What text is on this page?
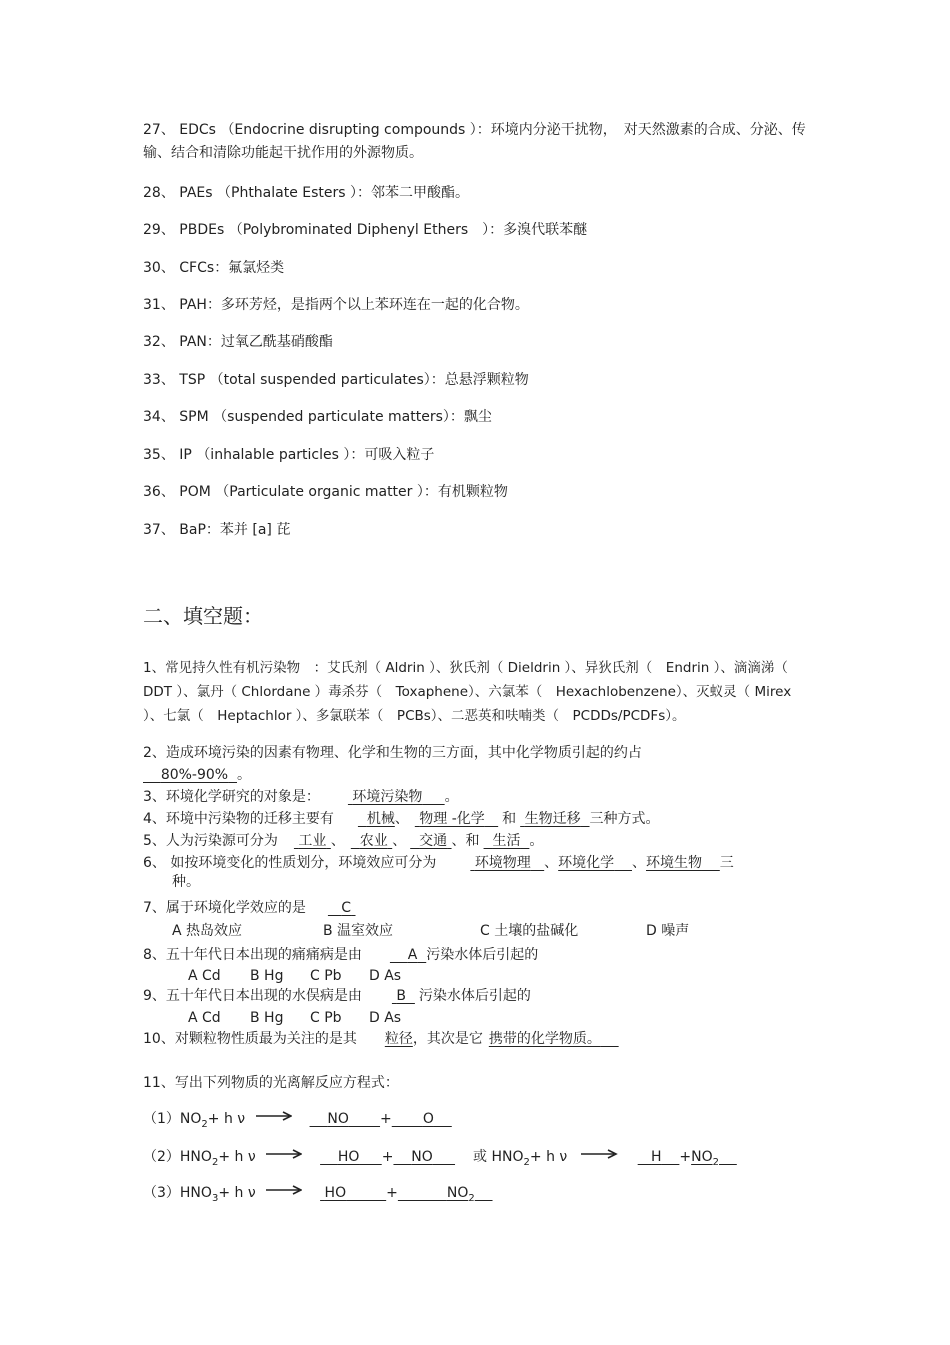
27、 EDCs （Endocrine disrupting compounds ）：环境内分泌干扰物，　对天然激素的合成、分泌、传输、结合和清除功能起干扰作用的外源物质。
28、 PAEs （Phthalate Esters ）：邻苯二甲酸酯。
29、 PBDEs （Polybrominated Diphenyl Ethers　）：多溴代联苯醚
30、 CFCs：氟氯烃类
31、 PAH：多环芳烃，是指两个以上苯环连在一起的化合物。
32、 PAN：过氧乙酰基硝酸酯
33、 TSP （total suspended particulates）：总悬浮颗粒物
34、 SPM （suspended particulate matters）：飘尘
35、 IP （inhalable particles ）：可吸入粒子
36、 POM （Particulate organic matter ）：有机颗粒物
37、 BaP：苯并 [a] 芘
二、填空题：
1、常见持久性有机污染物　：艾氏剂（ Aldrin ）、狄氏剂（ Dieldrin ）、异狄氏剂（　Endrin ）、滴滴涕（ DDT ）、氯丹（ Chlordane ）毒杀芬（　Toxaphene）、六氯苯（　Hexachlobenzene）、灭蚁灵（ Mirex ）、七氯（　Heptachlor ）、多氯联苯（　PCBs）、二恶英和呋喃类（　PCDDs/PCDFs）。
2、造成环境污染的因素有物理、化学和生物的三方面，其中化学物质引起的约占
80%-90% 。
3、环境化学研究的对象是： 环境污染物 。
4、环境中污染物的迁移主要有 机械、 物理 -化学 和 生物迁移 三种方式。
5、人为污染源可分为 工业 、 农业 、 交通 、和 生活 。
6、 如按环境变化的性质划分，环境效应可分为	环境物理 、环境化学 、环境生物 三
种。
7、属于环境化学效应的是	C
A 热岛效应	B 温室效应	C 土壤的盐碱化	D 噪声
8、五十年代日本出现的痛痛病是由	A 污染水体后引起的
A Cd B Hg C Pb D As
9、五十年代日本出现的水俣病是由 B 污染水体后引起的
A Cd B Hg C Pb D As
10、对颗粒物性质最为关注的是其 粒径，其次是它 携带的化学物质。
11、写出下列物质的光离解反应方程式：
$(1)NO_2+ h$ ν	NO + O
$(2)HNO_2+ h$ ν	HO + NO	或 $HNO_2+ h$ ν	$H +NO_2$
$(3)HNO_3+ h$ ν	HO	+	$NO_2$
